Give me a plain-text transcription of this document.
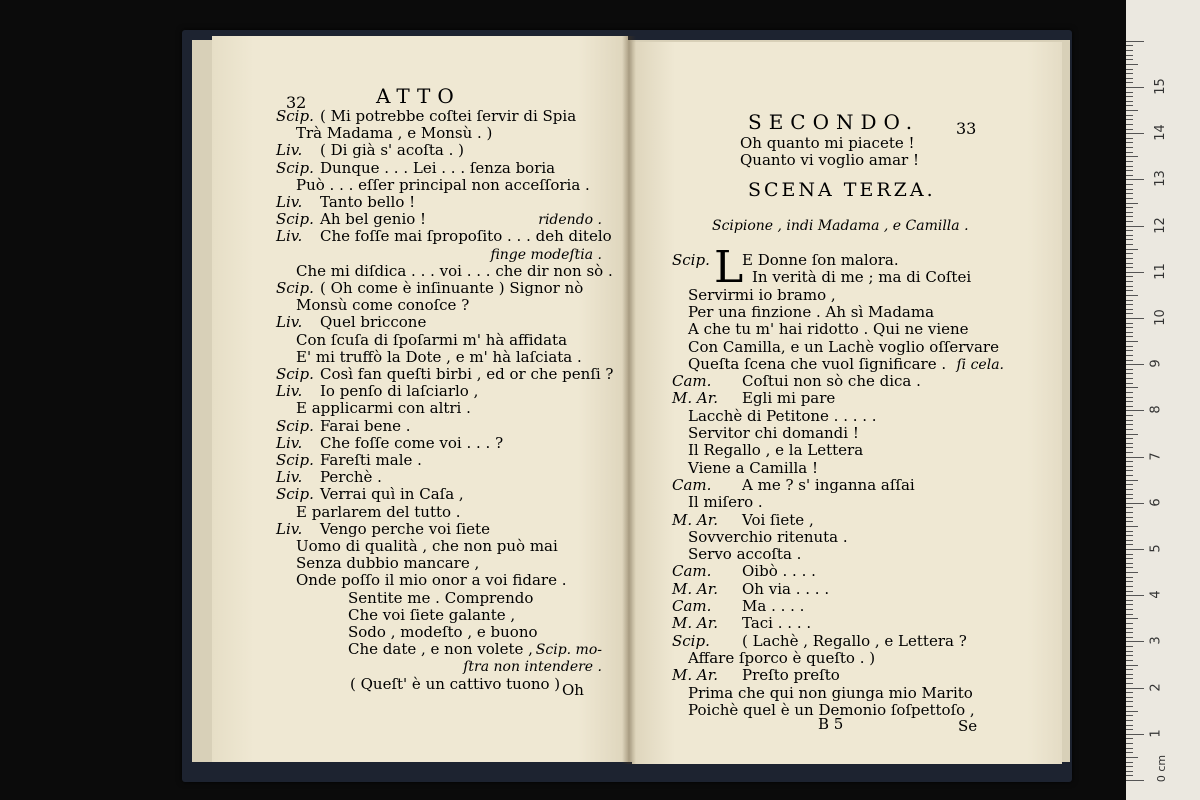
32	ATTO
Scip. ( Mi potrebbe coſtei ſervir di Spia
Trà Madama , e Monsù . )
Liv. ( Di già s' acoſta . )
Scip. Dunque . . . Lei . . . ſenza boria
Può . . . eſſer principal non acceſſoria .
Liv. Tanto bello !
Scip. Ah bel genio !	ridendo .
Liv. Che foſſe mai ſpropoſito . . . deh ditelo
finge modeſtia .
Che mi diſdica . . . voi . . . che dir non sò .
Scip. ( Oh come è inſinuante ) Signor nò
Monsù come conoſce ?
Liv. Quel briccone
Con ſcuſa di ſpoſarmi m' hà affidata
E' mi truffò la Dote , e m' hà laſciata .
Scip. Così fan queſti birbi , ed or che penſi ?
Liv. Io penſo di laſciarlo ,
E applicarmi con altri .
Scip. Farai bene .
Liv. Che foſſe come voi . . . ?
Scip. Fareſti male .
Liv. Perchè .
Scip. Verrai quì in Caſa ,
E parlarem del tutto .
Liv. Vengo perche voi ſiete
Uomo di qualità , che non può mai
Senza dubbio mancare ,
Onde poſſo il mio onor a voi fidare .
Sentite me . Comprendo
Che voi ſiete galante ,
Sodo , modeſto , e buono
Che date , e non volete , Scip. mo-
ſtra non intendere .
( Queſt' è un cattivo tuono ) Oh
SECONDO. 33
Oh quanto mi piacete !
Quanto vi voglio amar !
SCENA TERZA.
Scipione , indi Madama , e Camilla .
L
Scip. E Donne ſon malora.
In verità di me ; ma di Coſtei
Servirmi io bramo ,
Per una finzione . Ah sì Madama
A che tu m' hai ridotto . Qui ne viene
Con Camilla, e un Lachè voglio oſſervare
Queſta ſcena che vuol ſignificare . ſi cela.
Cam. Coſtui non sò che dica .
M. Ar. Egli mi pare
Lacchè di Petitone . . . . .
Servitor chi domandi !
Il Regallo , e la Lettera
Viene a Camilla !
Cam. A me ? s' inganna aſſai
Il miſero .
M. Ar. Voi ſiete ,
Sovverchio ritenuta .
Servo accoſta .
Cam. Oibò . . . .
M. Ar. Oh via . . . .
Cam. Ma . . . .
M. Ar. Taci . . . .
Scip. ( Lachè , Regallo , e Lettera ?
Affare ſporco è queſto . )
M. Ar. Preſto preſto
Prima che qui non giunga mio Marito
Poichè quel è un Demonio ſoſpettoſo ,
B 5	Se	1
2
3
4
5
6
7
8
9
10
11
12
13
14
15
0 cm
